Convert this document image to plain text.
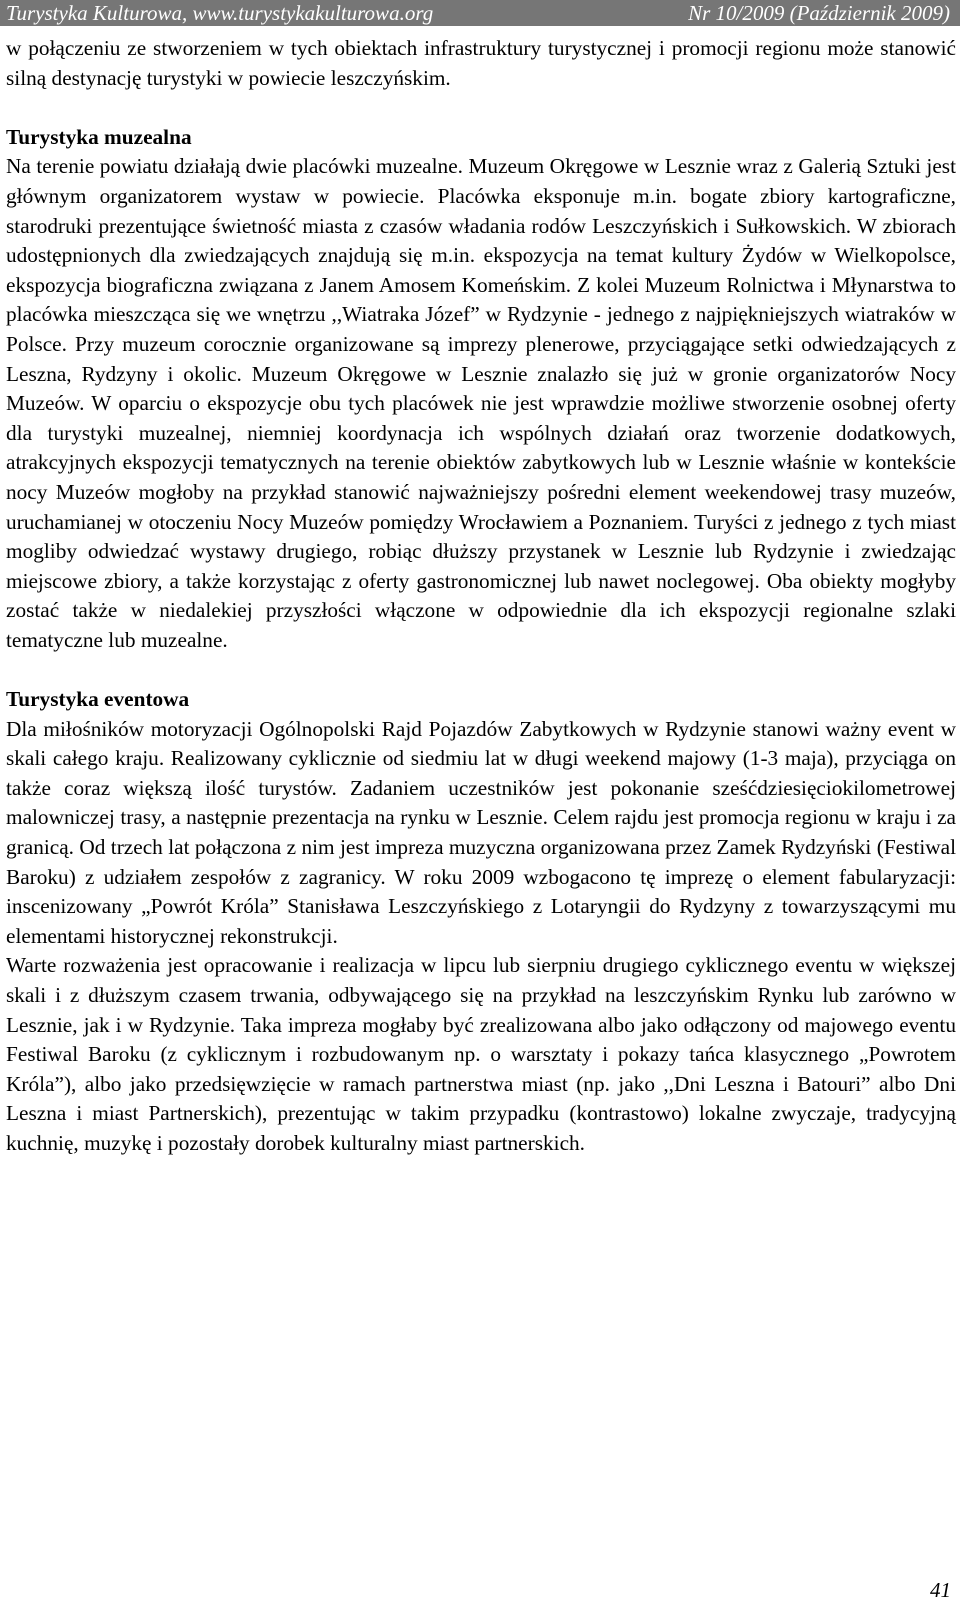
Turystyka Kulturowa, www.turystykakulturowa.org	Nr 10/2009 (Październik 2009)

w połączeniu ze stworzeniem w tych obiektach infrastruktury turystycznej i promocji regionu może stanowić silną destynację turystyki w powiecie leszczyńskim.

Turystyka muzealna

Na terenie powiatu działają dwie placówki muzealne. Muzeum Okręgowe w Lesznie wraz z Galerią Sztuki jest głównym organizatorem wystaw w powiecie. Placówka eksponuje m.in. bogate zbiory kartograficzne, starodruki prezentujące świetność miasta z czasów władania rodów Leszczyńskich i Sułkowskich. W zbiorach udostępnionych dla zwiedzających znajdują się m.in. ekspozycja na temat kultury Żydów w Wielkopolsce, ekspozycja biograficzna związana z Janem Amosem Komeńskim. Z kolei Muzeum Rolnictwa i Młynarstwa to placówka mieszcząca się we wnętrzu ,,Wiatraka Józef” w Rydzynie - jednego z najpiękniejszych wiatraków w Polsce. Przy muzeum corocznie organizowane są imprezy plenerowe, przyciągające setki odwiedzających z Leszna, Rydzyny i okolic. Muzeum Okręgowe w Lesznie znalazło się już w gronie organizatorów Nocy Muzeów. W oparciu o ekspozycje obu tych placówek nie jest wprawdzie możliwe stworzenie osobnej oferty dla turystyki muzealnej, niemniej koordynacja ich wspólnych działań oraz tworzenie dodatkowych, atrakcyjnych ekspozycji tematycznych na terenie obiektów zabytkowych lub w Lesznie właśnie w kontekście nocy Muzeów mogłoby na przykład stanowić najważniejszy pośredni element weekendowej trasy muzeów, uruchamianej w otoczeniu Nocy Muzeów pomiędzy Wrocławiem a Poznaniem. Turyści z jednego z tych miast mogliby odwiedzać wystawy drugiego, robiąc dłuższy przystanek w Lesznie lub Rydzynie i zwiedzając miejscowe zbiory, a także korzystając z oferty gastronomicznej lub nawet noclegowej. Oba obiekty mogłyby zostać także w niedalekiej przyszłości włączone w odpowiednie dla ich ekspozycji regionalne szlaki tematyczne lub muzealne.

Turystyka eventowa

Dla miłośników motoryzacji Ogólnopolski Rajd Pojazdów Zabytkowych w Rydzynie stanowi ważny event w skali całego kraju. Realizowany cyklicznie od siedmiu lat w długi weekend majowy (1-3 maja), przyciąga on także coraz większą ilość turystów. Zadaniem uczestników jest pokonanie sześćdziesięciokilometrowej malowniczej trasy, a następnie prezentacja na rynku w Lesznie. Celem rajdu jest promocja regionu w kraju i za granicą. Od trzech lat połączona z nim jest impreza muzyczna organizowana przez Zamek Rydzyński (Festiwal Baroku) z udziałem zespołów z zagranicy. W roku 2009 wzbogacono tę imprezę o element fabularyzacji: inscenizowany „Powrót Króla” Stanisława Leszczyńskiego z Lotaryngii do Rydzyny z towarzyszącymi mu elementami historycznej rekonstrukcji.

Warte rozważenia jest opracowanie i realizacja w lipcu lub sierpniu drugiego cyklicznego eventu w większej skali i z dłuższym czasem trwania, odbywającego się na przykład na leszczyńskim Rynku lub zarówno w Lesznie, jak i w Rydzynie. Taka impreza mogłaby być zrealizowana albo jako odłączony od majowego eventu Festiwal Baroku (z cyklicznym i rozbudowanym np. o warsztaty i pokazy tańca klasycznego „Powrotem Króla”), albo jako przedsięwzięcie w ramach partnerstwa miast (np. jako ,,Dni Leszna i Batouri” albo Dni Leszna i miast Partnerskich), prezentując w takim przypadku (kontrastowo) lokalne zwyczaje, tradycyjną kuchnię, muzykę i pozostały dorobek kulturalny miast partnerskich.

41
